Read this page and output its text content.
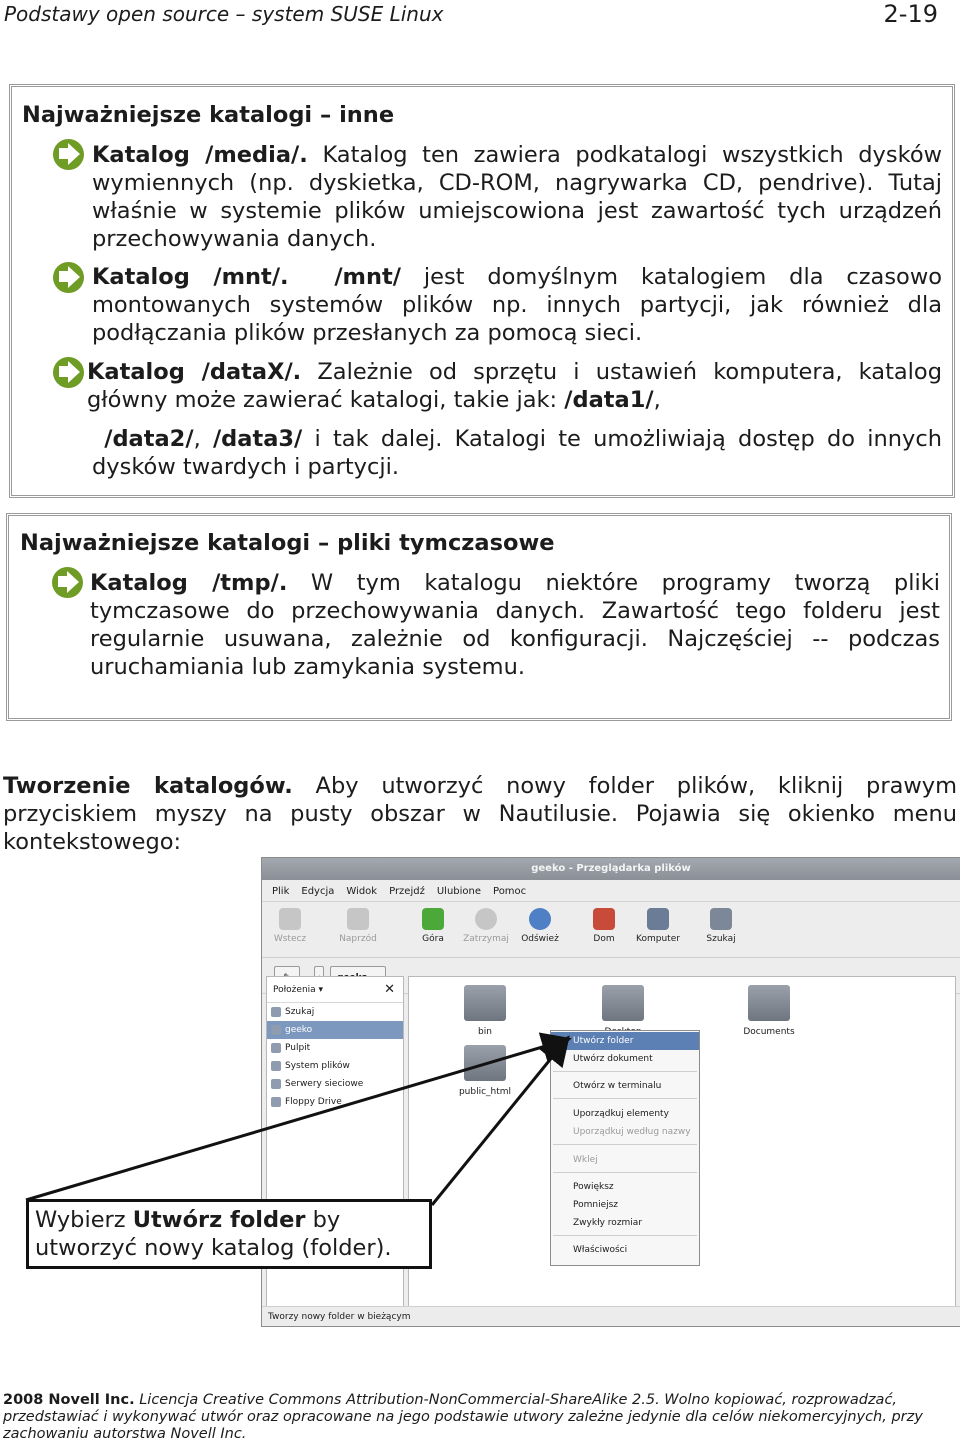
Podstawy open source – system SUSE Linux	2-19
Najważniejsze katalogi – inne
Katalog /media/. Katalog ten zawiera podkatalogi wszystkich dysków wymiennych (np. dyskietka, CD-ROM, nagrywarka CD, pendrive). Tutaj właśnie w systemie plików umiejscowiona jest zawartość tych urządzeń przechowywania danych.
Katalog /mnt/. /mnt/ jest domyślnym katalogiem dla czasowo montowanych systemów plików np. innych partycji, jak również dla podłączania plików przesłanych za pomocą sieci.
Katalog /dataX/. Zależnie od sprzętu i ustawień komputera, katalog główny może zawierać katalogi, takie jak: /data1/,
/data2/, /data3/ i tak dalej. Katalogi te umożliwiają dostęp do innych dysków twardych i partycji.
Najważniejsze katalogi – pliki tymczasowe
Katalog /tmp/. W tym katalogu niektóre programy tworzą pliki tymczasowe do przechowywania danych. Zawartość tego folderu jest regularnie usuwana, zależnie od konfiguracji. Najczęściej -- podczas uruchamiania lub zamykania systemu.
Tworzenie katalogów. Aby utworzyć nowy folder plików, kliknij prawym przyciskiem myszy na pusty obszar w Nautilusie. Pojawia się okienko menu kontekstowego:
geeko - Przeglądarka plików
Plik Edycja Widok Przejdź Ulubione Pomoc
Wstecz	Naprzód	Góra	Zatrzymaj	Odśwież	Dom	Komputer	Szukaj
Położenia ▾	✕
Szukaj
geeko
Pulpit
System plików
Serwery sieciowe
Floppy Drive
bin	Documents
public_html
Tworzy nowy folder w bieżącym
Utwórz folder
Utwórz dokument
Otwórz w terminalu
Uporządkuj elementy
Uporządkuj według nazwy
Wklej
Powiększ
Pomniejsz
Zwykły rozmiar
Właściwości
Wybierz Utwórz folder by utworzyć nowy katalog (folder).
2008 Novell Inc. Licencja Creative Commons Attribution-NonCommercial-ShareAlike 2.5. Wolno kopiować, rozprowadzać, przedstawiać i wykonywać utwór oraz opracowane na jego podstawie utwory zależne jedynie dla celów niekomercyjnych, przy zachowaniu autorstwa Novell Inc.
